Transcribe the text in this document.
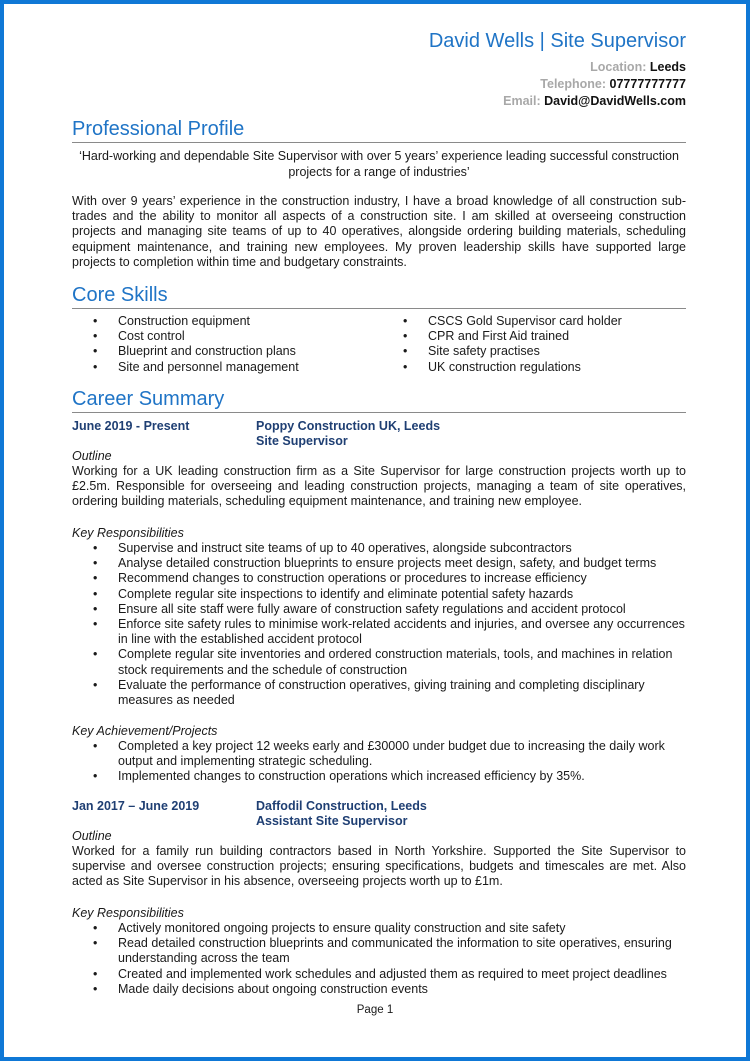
David Wells | Site Supervisor
Location: Leeds
Telephone: 07777777777
Email: David@DavidWells.com
Professional Profile
‘Hard-working and dependable Site Supervisor with over 5 years’ experience leading successful construction projects for a range of industries’
With over 9 years’ experience in the construction industry, I have a broad knowledge of all construction sub-trades and the ability to monitor all aspects of a construction site. I am skilled at overseeing construction projects and managing site teams of up to 40 operatives, alongside ordering building materials, scheduling equipment maintenance, and training new employees. My proven leadership skills have supported large projects to completion within time and budgetary constraints.
Core Skills
• Construction equipment
• Cost control
• Blueprint and construction plans
• Site and personnel management
• CSCS Gold Supervisor card holder
• CPR and First Aid trained
• Site safety practises
• UK construction regulations
Career Summary
June 2019 - Present	Poppy Construction UK, Leeds
Site Supervisor
Outline
Working for a UK leading construction firm as a Site Supervisor for large construction projects worth up to £2.5m. Responsible for overseeing and leading construction projects, managing a team of site operatives, ordering building materials, scheduling equipment maintenance, and training new employee.
Key Responsibilities
• Supervise and instruct site teams of up to 40 operatives, alongside subcontractors
• Analyse detailed construction blueprints to ensure projects meet design, safety, and budget terms
• Recommend changes to construction operations or procedures to increase efficiency
• Complete regular site inspections to identify and eliminate potential safety hazards
• Ensure all site staff were fully aware of construction safety regulations and accident protocol
• Enforce site safety rules to minimise work-related accidents and injuries, and oversee any occurrences in line with the established accident protocol
• Complete regular site inventories and ordered construction materials, tools, and machines in relation stock requirements and the schedule of construction
• Evaluate the performance of construction operatives, giving training and completing disciplinary measures as needed
Key Achievement/Projects
• Completed a key project 12 weeks early and £30000 under budget due to increasing the daily work output and implementing strategic scheduling.
• Implemented changes to construction operations which increased efficiency by 35%.
Jan 2017 – June 2019	Daffodil Construction, Leeds
Assistant Site Supervisor
Outline
Worked for a family run building contractors based in North Yorkshire. Supported the Site Supervisor to supervise and oversee construction projects; ensuring specifications, budgets and timescales are met. Also acted as Site Supervisor in his absence, overseeing projects worth up to £1m.
Key Responsibilities
• Actively monitored ongoing projects to ensure quality construction and site safety
• Read detailed construction blueprints and communicated the information to site operatives, ensuring understanding across the team
• Created and implemented work schedules and adjusted them as required to meet project deadlines
• Made daily decisions about ongoing construction events
Page 1
